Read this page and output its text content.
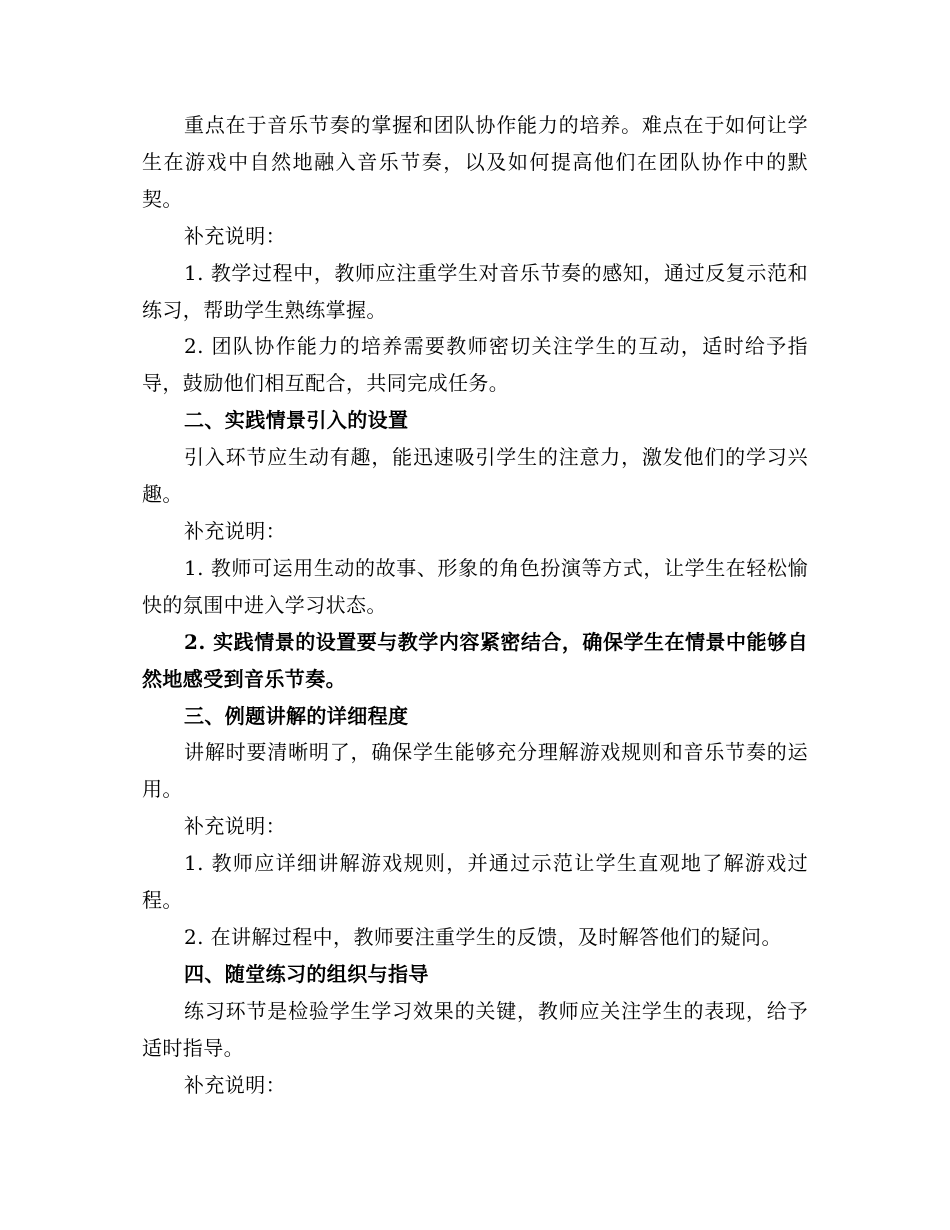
重点在于音乐节奏的掌握和团队协作能力的培养。难点在于如何让学生在游戏中自然地融入音乐节奏，以及如何提高他们在团队协作中的默契。

补充说明：

1. 教学过程中，教师应注重学生对音乐节奏的感知，通过反复示范和练习，帮助学生熟练掌握。

2. 团队协作能力的培养需要教师密切关注学生的互动，适时给予指导，鼓励他们相互配合，共同完成任务。

二、实践情景引入的设置

引入环节应生动有趣，能迅速吸引学生的注意力，激发他们的学习兴趣。

补充说明：

1. 教师可运用生动的故事、形象的角色扮演等方式，让学生在轻松愉快的氛围中进入学习状态。

2. 实践情景的设置要与教学内容紧密结合，确保学生在情景中能够自然地感受到音乐节奏。

三、例题讲解的详细程度

讲解时要清晰明了，确保学生能够充分理解游戏规则和音乐节奏的运用。

补充说明：

1. 教师应详细讲解游戏规则，并通过示范让学生直观地了解游戏过程。

2. 在讲解过程中，教师要注重学生的反馈，及时解答他们的疑问。

四、随堂练习的组织与指导

练习环节是检验学生学习效果的关键，教师应关注学生的表现，给予适时指导。

补充说明：
